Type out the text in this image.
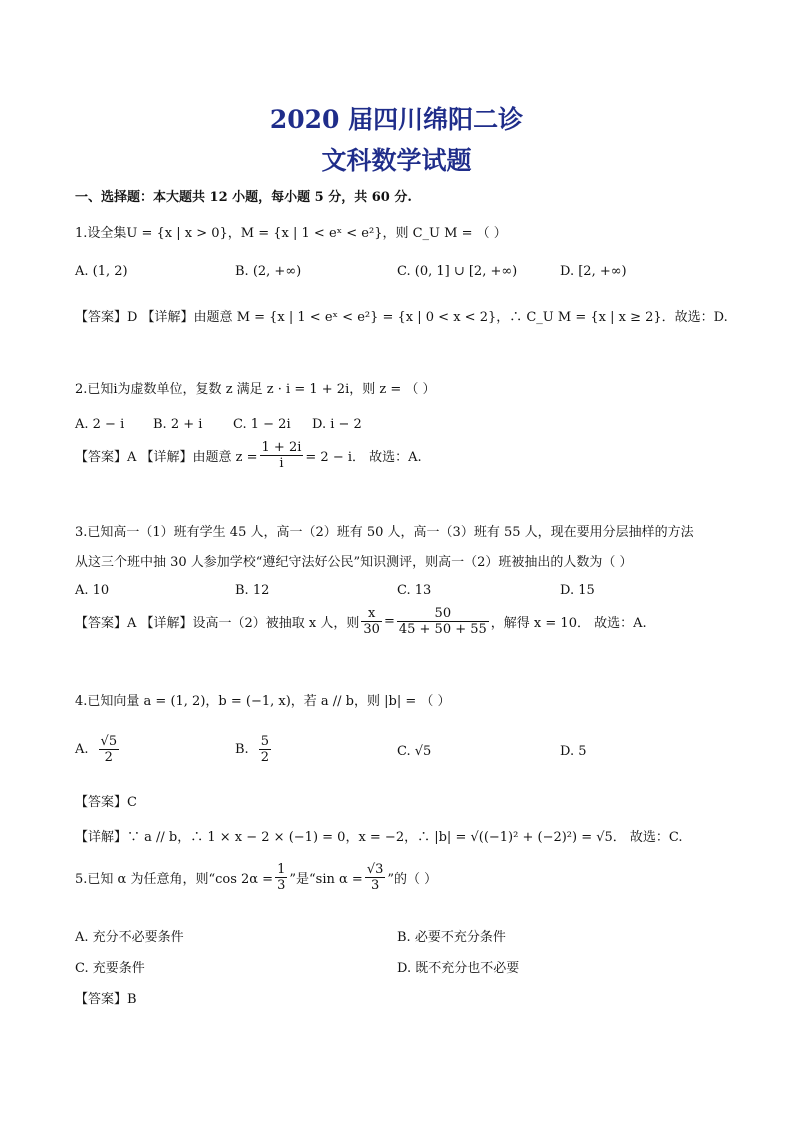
2020 届四川绵阳二诊
文科数学试题
一、选择题：本大题共 12 小题，每小题 5 分，共 60 分.
1.设全集U = {x | x > 0}，M = {x | 1 < eˣ < e²}，则 C_U M = （ ）
A. (1, 2)	B. (2, +∞)	C. (0, 1] ∪ [2, +∞)	D. [2, +∞)
【答案】D 【详解】由题意 M = {x | 1 < eˣ < e²} = {x | 0 < x < 2}，∴ C_U M = {x | x ≥ 2}．故选：D.
2.已知i为虚数单位，复数 z 满足 z · i = 1 + 2i，则 z = （ ）
A. 2 − i B. 2 + i C. 1 − 2i D. i − 2
【答案】A 【详解】由题意 $z = \frac{1 + 2i}{i} = 2 - i$． 故选：A.
3.已知高一（1）班有学生 45 人，高一（2）班有 50 人，高一（3）班有 55 人，现在要用分层抽样的方法
从这三个班中抽 30 人参加学校“遵纪守法好公民”知识测评，则高一（2）班被抽出的人数为（ ）
A. 10	B. 12	C. 13	D. 15
【答案】A 【详解】设高一（2）被抽取 x 人，则 $\frac{x}{30} = \frac{50}{45 + 50 + 55}$ ，解得 x = 10． 故选：A.
4.已知向量 a = (1, 2)，b = (−1, x)，若 a // b，则 |b| = （ ）
A. $\frac{√5}{2}$	B. $\frac{5}{2}$	C. √5	D. 5
【答案】C
【详解】∵ a // b，∴ 1 × x − 2 × (−1) = 0，x = −2，∴ |b| = √((−1)² + (−2)²) = √5． 故选：C.
5.已知 α 为任意角，则“cos $2\alpha = \frac{1}{3}$ ”是“sin $\alpha = \frac{√3}{3}$ ”的（ ）
A. 充分不必要条件	B. 必要不充分条件
C. 充要条件	D. 既不充分也不必要
【答案】B
